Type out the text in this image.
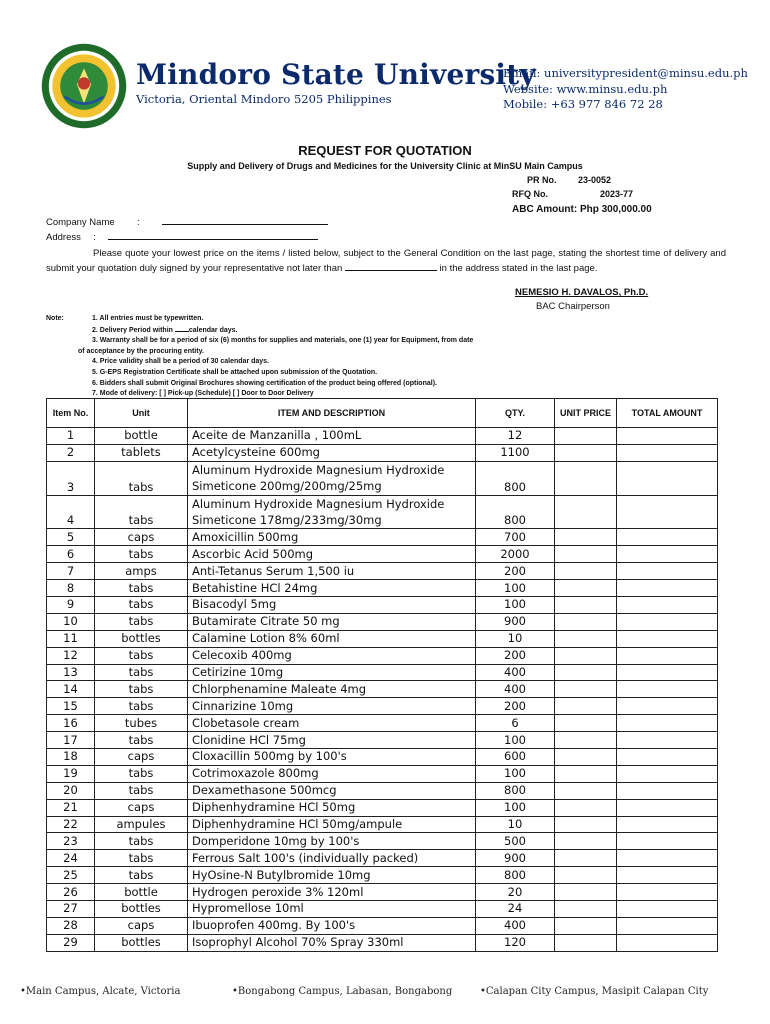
Mindoro State University
Victoria, Oriental Mindoro 5205 Philippines
Email: universitypresident@minsu.edu.ph
Website: www.minsu.edu.ph
Mobile: +63 977 846 72 28
REQUEST FOR QUOTATION
Supply and Delivery of Drugs and Medicines for the University Clinic at MinSU Main Campus
PR No. 23-0052
RFQ No.	2023-77
ABC Amount: Php 300,000.00
Company Name :
Address :
Please quote your lowest price on the items / listed below, subject to the General Condition on the last page, stating the shortest time of delivery and submit your quotation duly signed by your representative not later than	in the address stated in the last page.
NEMESIO H. DAVALOS, Ph.D.
BAC Chairperson
Note:	1. All entries must be typewritten.
2. Delivery Period within calendar days.
3. Warranty shall be for a period of six (6) months for supplies and materials, one (1) year for Equipment, from date
of acceptance by the procuring entity.
4. Price validity shall be a period of 30 calendar days.
5. G-EPS Registration Certificate shall be attached upon submission of the Quotation.
6. Bidders shall submit Original Brochures showing certification of the product being offered (optional).
7. Mode of delivery: [ ] Pick-up (Schedule) [ ] Door to Door Delivery
Item No.	Unit	ITEM AND DESCRIPTION	QTY.	UNIT PRICE	TOTAL AMOUNT
1	bottle	Aceite de Manzanilla , 100mL	12		
2	tablets	Acetylcysteine 600mg	1100		
3	tabs	Aluminum Hydroxide Magnesium Hydroxide Simeticone 200mg/200mg/25mg	800		
4	tabs	Aluminum Hydroxide Magnesium Hydroxide Simeticone 178mg/233mg/30mg	800		
5	caps	Amoxicillin 500mg	700		
6	tabs	Ascorbic Acid 500mg	2000		
7	amps	Anti-Tetanus Serum 1,500 iu	200		
8	tabs	Betahistine HCl 24mg	100		
9	tabs	Bisacodyl 5mg	100		
10	tabs	Butamirate Citrate 50 mg	900		
11	bottles	Calamine Lotion 8% 60ml	10		
12	tabs	Celecoxib 400mg	200		
13	tabs	Cetirizine 10mg	400		
14	tabs	Chlorphenamine Maleate 4mg	400		
15	tabs	Cinnarizine 10mg	200		
16	tubes	Clobetasole cream	6		
17	tabs	Clonidine HCl 75mg	100		
18	caps	Cloxacillin 500mg by 100's	600		
19	tabs	Cotrimoxazole 800mg	100		
20	tabs	Dexamethasone 500mcg	800		
21	caps	Diphenhydramine HCl 50mg	100		
22	ampules	Diphenhydramine HCl 50mg/ampule	10		
23	tabs	Domperidone 10mg by 100's	500		
24	tabs	Ferrous Salt 100's (individually packed)	900		
25	tabs	HyOsine-N Butylbromide 10mg	800		
26	bottle	Hydrogen peroxide 3% 120ml	20		
27	bottles	Hypromellose 10ml	24		
28	caps	Ibuoprofen 400mg. By 100's	400		
29	bottles	Isoprophyl Alcohol 70% Spray 330ml	120		
•Main Campus, Alcate, Victoria	•Bongabong Campus, Labasan, Bongabong	•Calapan City Campus, Masipit Calapan City
